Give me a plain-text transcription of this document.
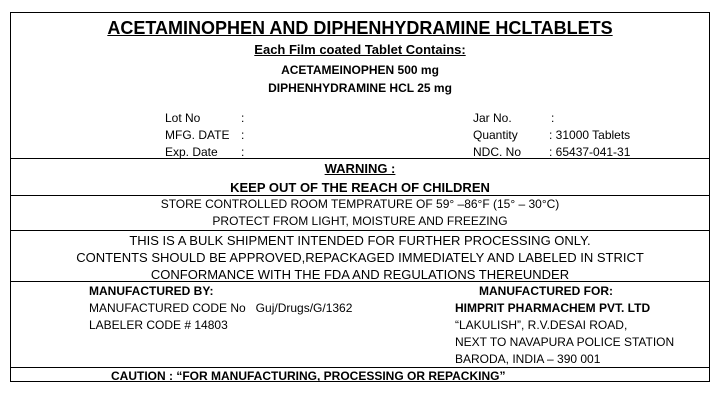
ACETAMINOPHEN AND DIPHENHYDRAMINE HCLTABLETS
Each Film coated Tablet Contains:
ACETAMEINOPHEN 500 mg
DIPHENHYDRAMINE HCL 25 mg
Lot No	:
MFG. DATE :
Exp. Date :
Jar No.	:
Quantity	: 31000 Tablets
NDC. No : 65437-041-31
WARNING :
KEEP OUT OF THE REACH OF CHILDREN
STORE CONTROLLED ROOM TEMPRATURE OF 59° –86°F (15° – 30°C)
PROTECT FROM LIGHT, MOISTURE AND FREEZING
THIS IS A BULK SHIPMENT INTENDED FOR FURTHER PROCESSING ONLY.
CONTENTS SHOULD BE APPROVED,REPACKAGED IMMEDIATELY AND LABELED IN STRICT
CONFORMANCE WITH THE FDA AND REGULATIONS THEREUNDER
MANUFACTURED BY:
MANUFACTURED CODE No   Guj/Drugs/G/1362
LABELER CODE # 14803
MANUFACTURED FOR:
HIMPRIT PHARMACHEM PVT. LTD
“LAKULISH”, R.V.DESAI ROAD,
NEXT TO NAVAPURA POLICE STATION
BARODA, INDIA – 390 001
CAUTION : “FOR MANUFACTURING, PROCESSING OR REPACKING”
